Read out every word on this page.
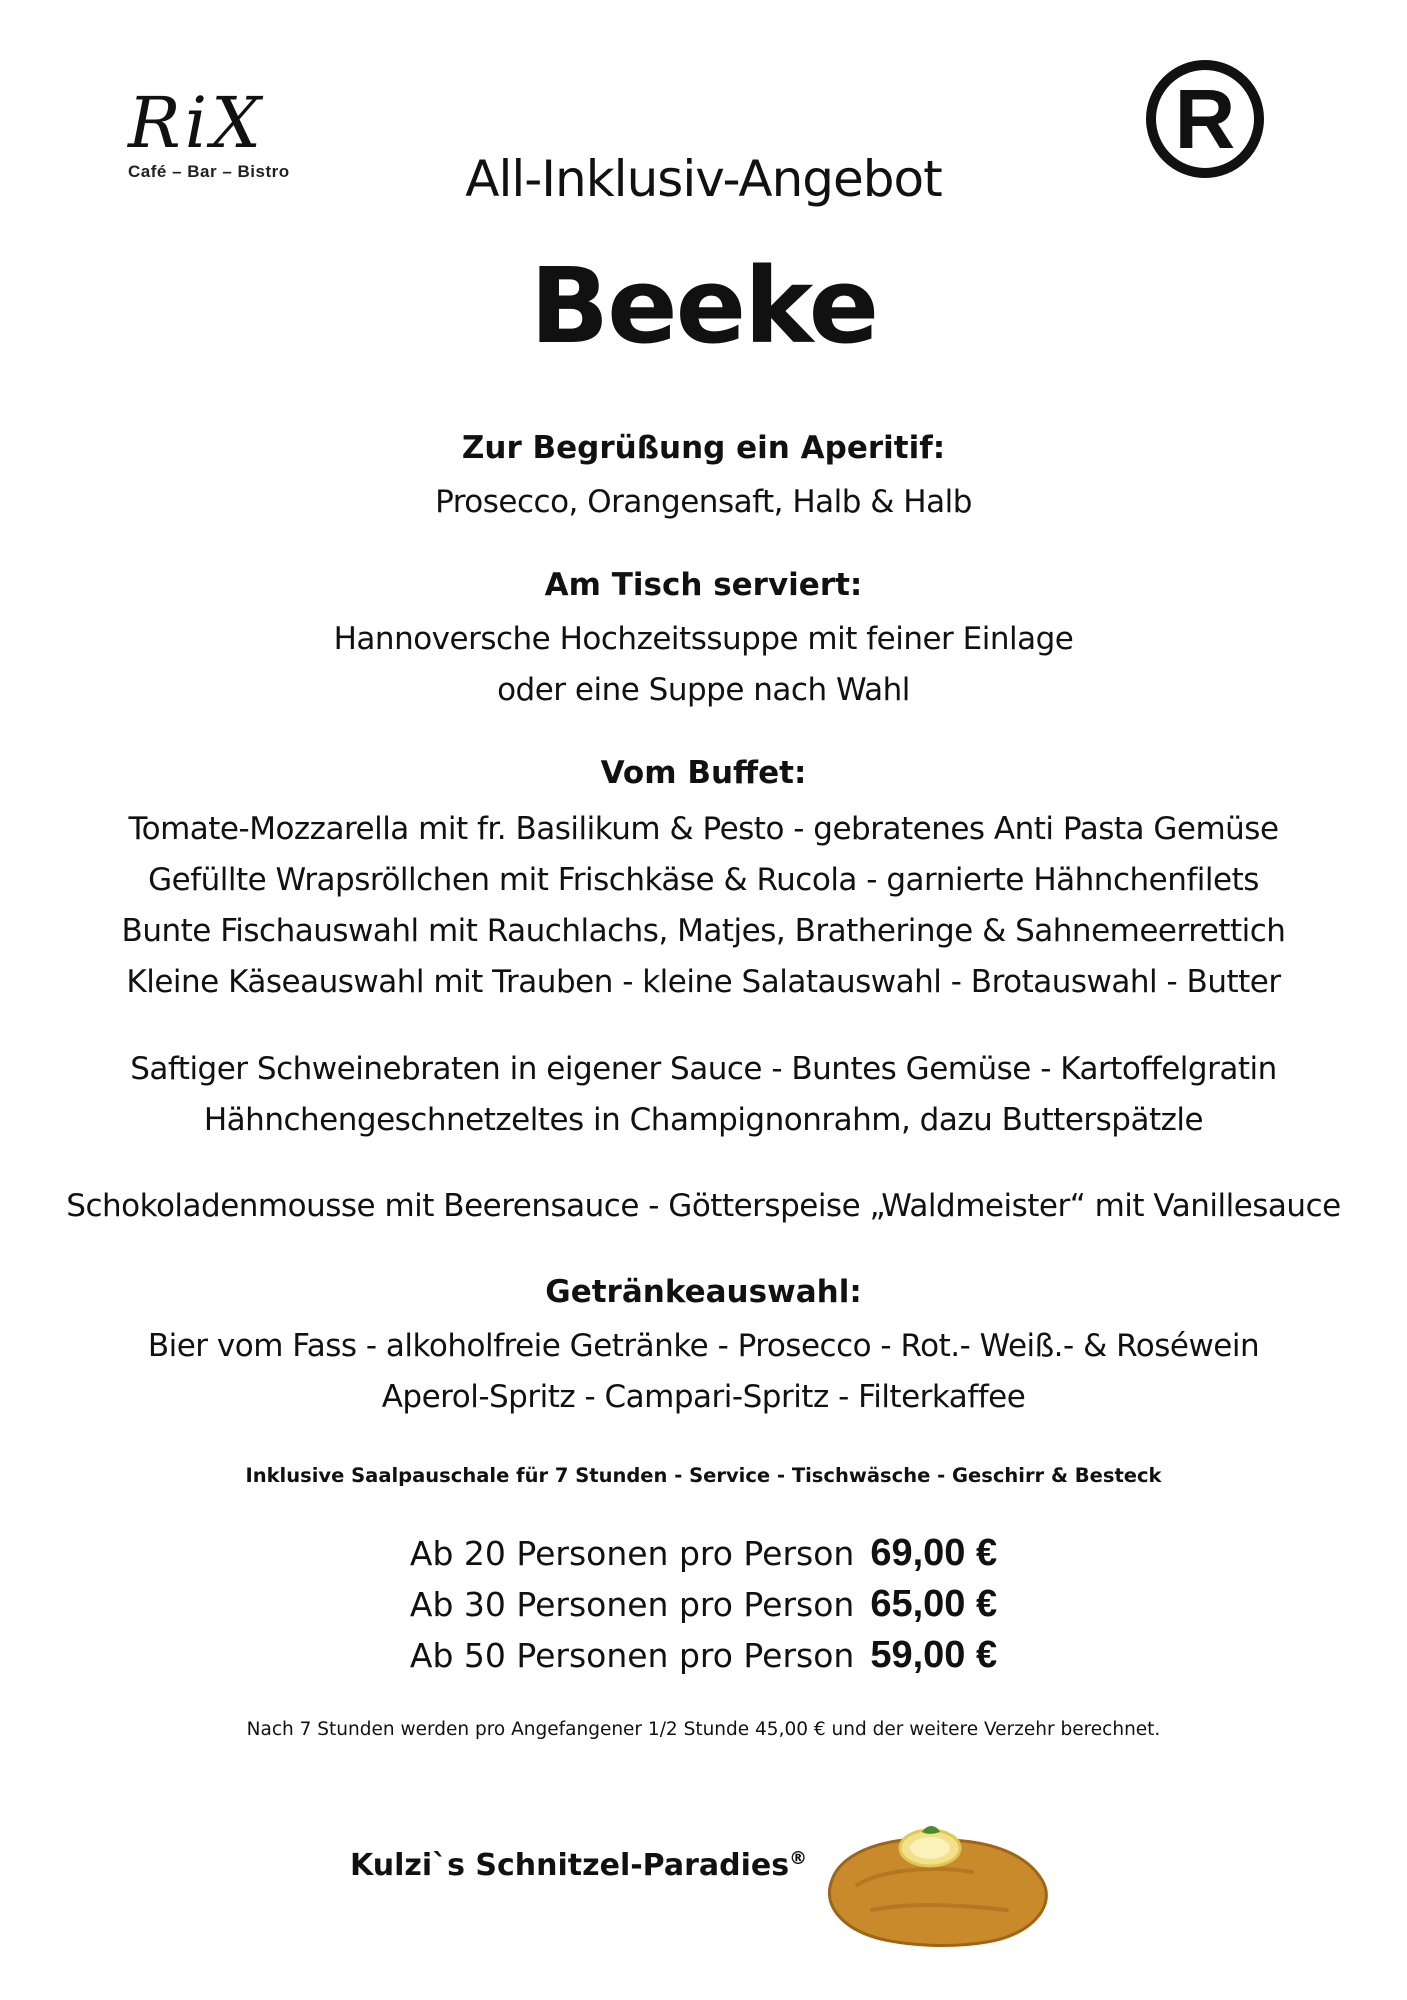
RiX
Café – Bar – Bistro
R
All-Inklusiv-Angebot
Beeke
Zur Begrüßung ein Aperitif:
Prosecco, Orangensaft, Halb & Halb
Am Tisch serviert:
Hannoversche Hochzeitssuppe mit feiner Einlage
oder eine Suppe nach Wahl
Vom Buffet:
Tomate-Mozzarella mit fr. Basilikum & Pesto - gebratenes Anti Pasta Gemüse
Gefüllte Wrapsröllchen mit Frischkäse & Rucola - garnierte Hähnchenfilets
Bunte Fischauswahl mit Rauchlachs, Matjes, Bratheringe & Sahnemeerrettich
Kleine Käseauswahl mit Trauben - kleine Salatauswahl - Brotauswahl - Butter
Saftiger Schweinebraten in eigener Sauce - Buntes Gemüse - Kartoffelgratin
Hähnchengeschnetzeltes in Champignonrahm, dazu Butterspätzle
Schokoladenmousse mit Beerensauce - Götterspeise „Waldmeister“ mit Vanillesauce
Getränkeauswahl:
Bier vom Fass - alkoholfreie Getränke - Prosecco - Rot.- Weiß.- & Roséwein
Aperol-Spritz - Campari-Spritz - Filterkaffee
Inklusive Saalpauschale für 7 Stunden - Service - Tischwäsche - Geschirr & Besteck
Ab 20 Personen pro Person 69,00 €
Ab 30 Personen pro Person 65,00 €
Ab 50 Personen pro Person 59,00 €
Nach 7 Stunden werden pro Angefangener 1/2 Stunde 45,00 € und der weitere Verzehr berechnet.
Kulzi`s Schnitzel-Paradies®
